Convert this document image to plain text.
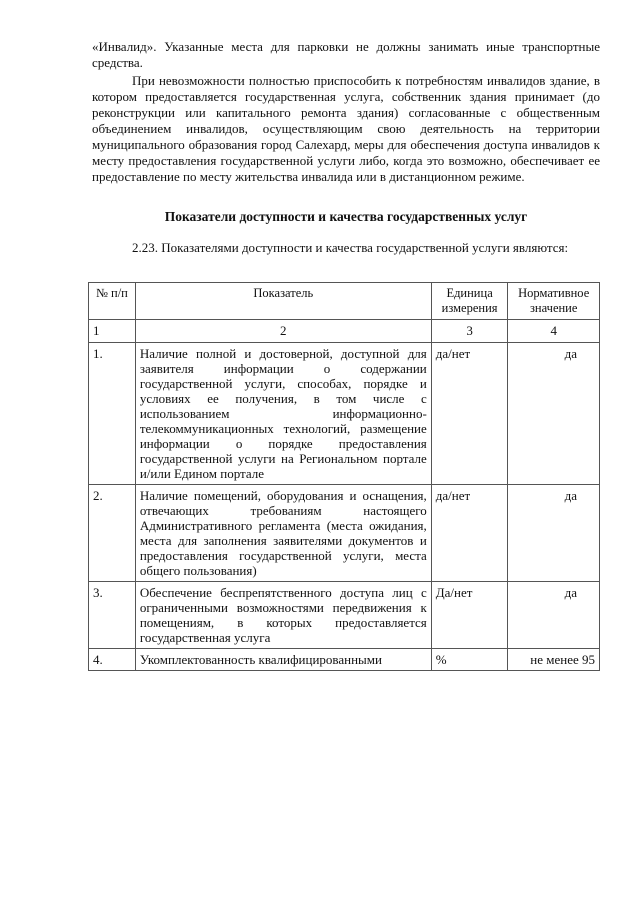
«Инвалид». Указанные места для парковки не должны занимать иные транспортные средства.
При невозможности полностью приспособить к потребностям инвалидов здание, в котором предоставляется государственная услуга, собственник здания принимает (до реконструкции или капитального ремонта здания) согласованные с общественным объединением инвалидов, осуществляющим свою деятельность на территории муниципального образования город Салехард, меры для обеспечения доступа инвалидов к месту предоставления государственной услуги либо, когда это возможно, обеспечивает ее предоставление по месту жительства инвалида или в дистанционном режиме.
Показатели доступности и качества государственных услуг
2.23. Показателями доступности и качества государственной услуги являются:
№ п/п	Показатель	Единица измерения	Нормативное значение
1	2	3	4
1.	Наличие полной и достоверной, доступной для заявителя информации о содержании государственной услуги, способах, порядке и условиях ее получения, в том числе с использованием информационно-телекоммуникационных технологий, размещение информации о порядке предоставления государственной услуги на Региональном портале и/или Едином портале	да/нет	да
2.	Наличие помещений, оборудования и оснащения, отвечающих требованиям настоящего Административного регламента (места ожидания, места для заполнения заявителями документов и предоставления государственной услуги, места общего пользования)	да/нет	да
3.	Обеспечение беспрепятственного доступа лиц с ограниченными возможностями передвижения к помещениям, в которых предоставляется государственная услуга	Да/нет	да
4.	Укомплектованность квалифицированными	%	не менее 95
